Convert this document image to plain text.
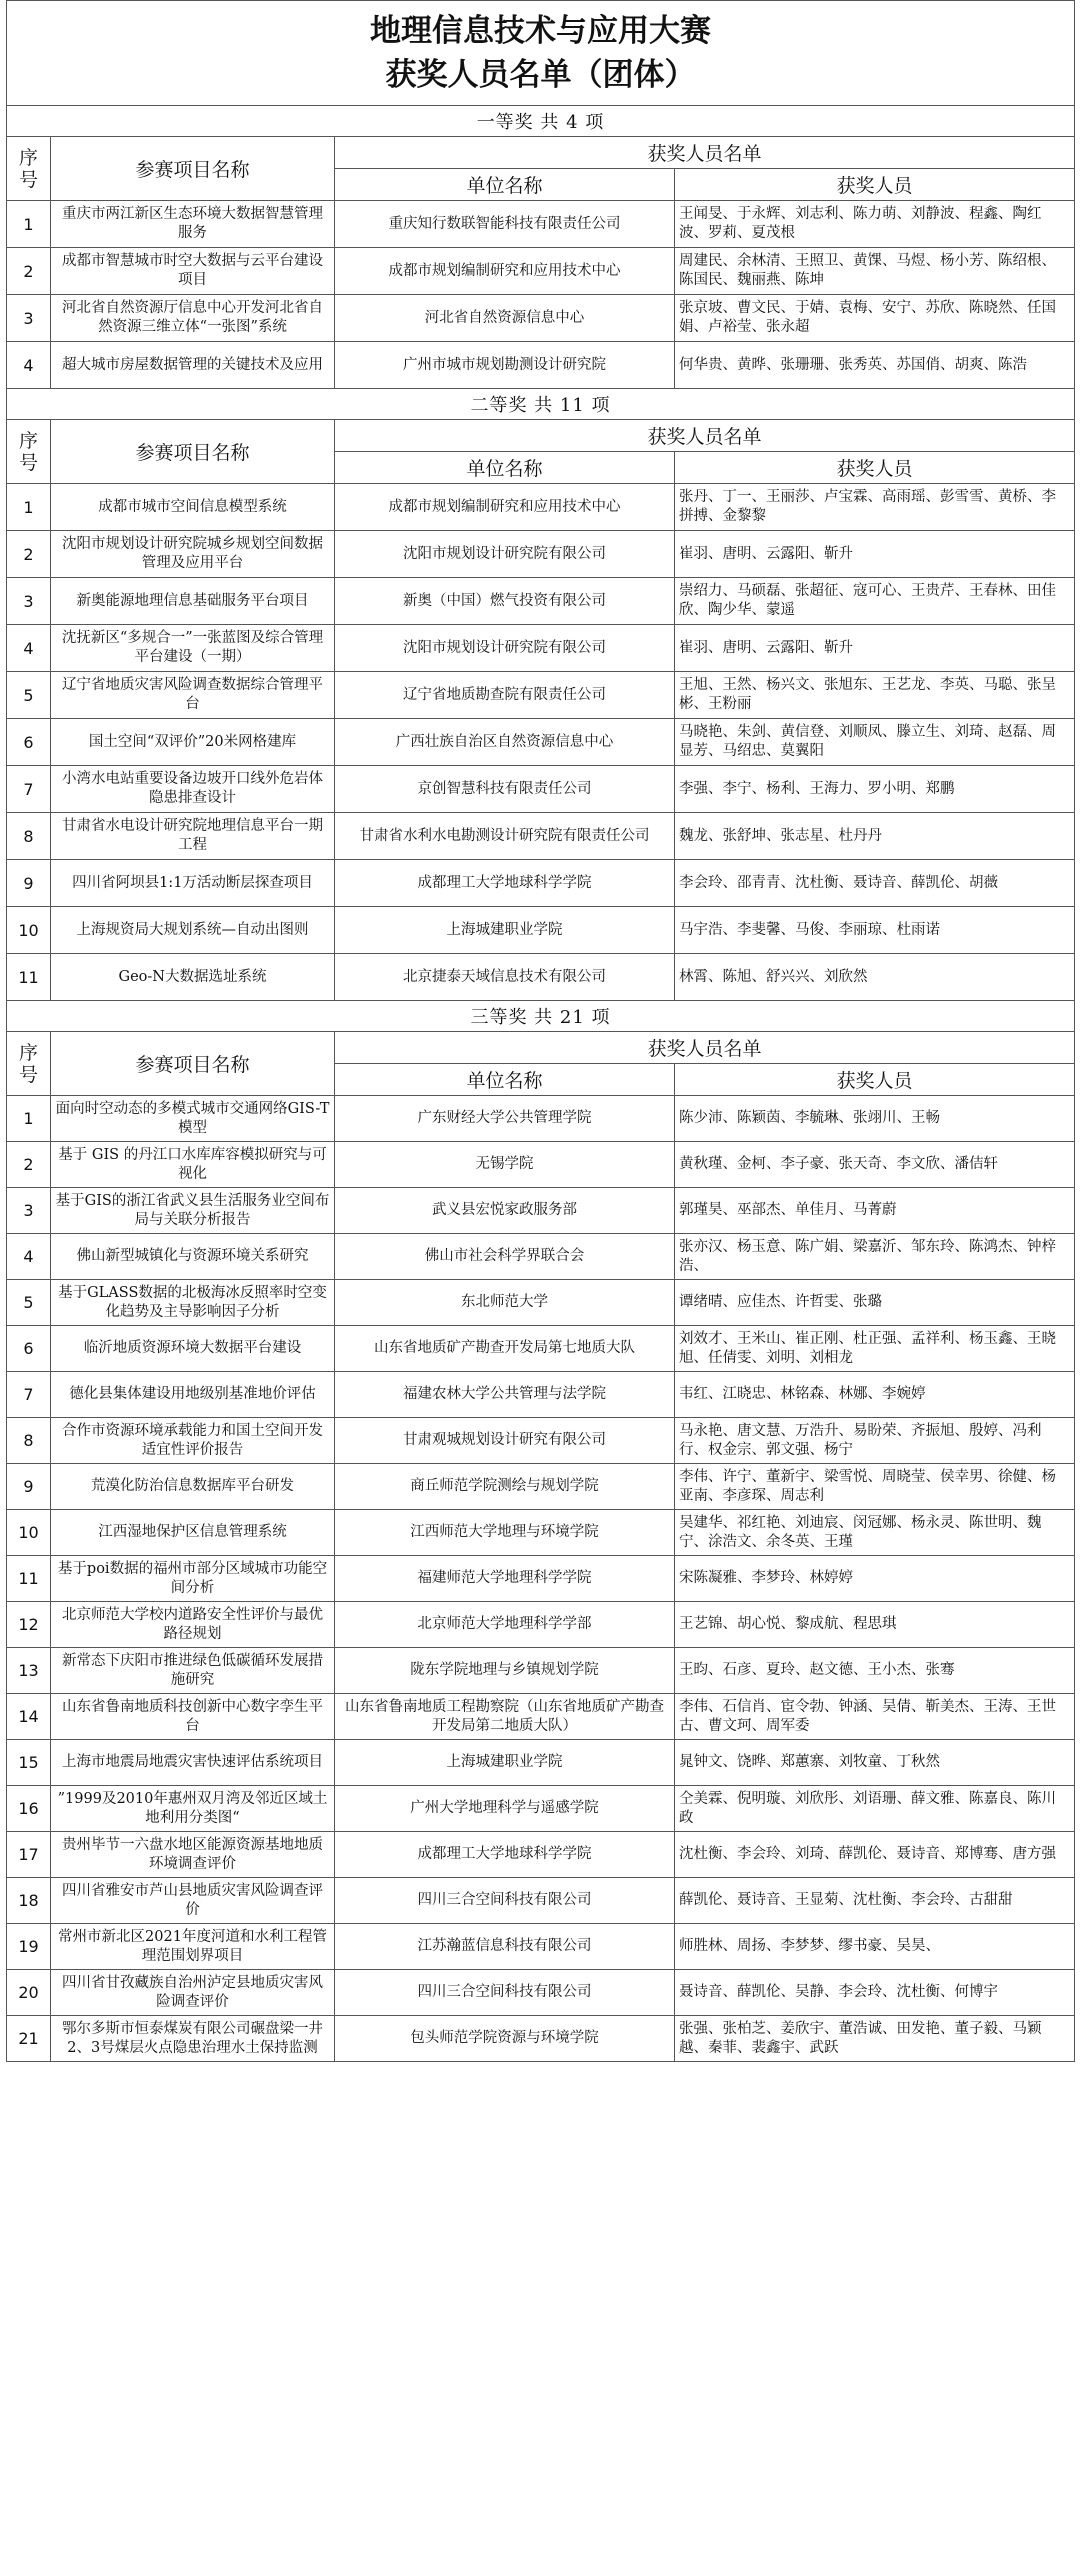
地理信息技术与应用大赛
获奖人员名单（团体）			

一等奖 共 4 项			
序号	参赛项目名称	获奖人员名单	
		单位名称	获奖人员
1	重庆市两江新区生态环境大数据智慧管理服务	重庆知行数联智能科技有限责任公司	王闻旻、于永辉、刘志利、陈力萌、刘静波、程鑫、陶红波、罗莉、夏茂根
2	成都市智慧城市时空大数据与云平台建设项目	成都市规划编制研究和应用技术中心	周建民、余林清、王照卫、黄馃、马煜、杨小芳、陈绍根、陈国民、魏丽燕、陈坤
3	河北省自然资源厅信息中心开发河北省自然资源三维立体“一张图”系统	河北省自然资源信息中心	张京坡、曹文民、于婧、袁梅、安宁、苏欣、陈晓然、任国娟、卢裕莹、张永超
4	超大城市房屋数据管理的关键技术及应用	广州市城市规划勘测设计研究院	何华贵、黄晔、张珊珊、张秀英、苏国俏、胡爽、陈浩
二等奖 共 11 项			
序号	参赛项目名称	获奖人员名单	
		单位名称	获奖人员
1	成都市城市空间信息模型系统	成都市规划编制研究和应用技术中心	张丹、丁一、王丽莎、卢宝霖、高雨瑶、彭雪雪、黄桥、李拼搏、金黎黎
2	沈阳市规划设计研究院城乡规划空间数据管理及应用平台	沈阳市规划设计研究院有限公司	崔羽、唐明、云露阳、靳升
3	新奥能源地理信息基础服务平台项目	新奥（中国）燃气投资有限公司	崇绍力、马硕磊、张超征、寇可心、王贵芹、王春林、田佳欣、陶少华、蒙遥
4	沈抚新区“多规合一”一张蓝图及综合管理平台建设（一期）	沈阳市规划设计研究院有限公司	崔羽、唐明、云露阳、靳升
5	辽宁省地质灾害风险调查数据综合管理平台	辽宁省地质勘查院有限责任公司	王旭、王然、杨兴文、张旭东、王艺龙、李英、马聪、张呈彬、王粉丽
6	国土空间“双评价”20米网格建库	广西壮族自治区自然资源信息中心	马晓艳、朱剑、黄信登、刘顺凤、滕立生、刘琦、赵磊、周显芳、马绍忠、莫翼阳
7	小湾水电站重要设备边坡开口线外危岩体隐患排查设计	京创智慧科技有限责任公司	李强、李宁、杨利、王海力、罗小明、郑鹏
8	甘肃省水电设计研究院地理信息平台一期工程	甘肃省水利水电勘测设计研究院有限责任公司	魏龙、张舒坤、张志星、杜丹丹
9	四川省阿坝县1:1万活动断层探查项目	成都理工大学地球科学学院	李会玲、邵青青、沈杜衡、聂诗音、薛凯伦、胡薇
10	上海规资局大规划系统—自动出图则	上海城建职业学院	马宇浩、李斐馨、马俊、李丽琼、杜雨诺
11	Geo-N大数据选址系统	北京捷泰天域信息技术有限公司	林霄、陈旭、舒兴兴、刘欣然
三等奖 共 21 项			
序号	参赛项目名称	获奖人员名单	
		单位名称	获奖人员
1	面向时空动态的多模式城市交通网络GIS-T模型	广东财经大学公共管理学院	陈少沛、陈颖茵、李毓琳、张翊川、王畅
2	基于 GIS 的丹江口水库库容模拟研究与可视化	无锡学院	黄秋瑾、金柯、李子豪、张天奇、李文欣、潘佶轩
3	基于GIS的浙江省武义县生活服务业空间布局与关联分析报告	武义县宏悦家政服务部	郭瑾昊、巫部杰、单佳月、马菁蔚
4	佛山新型城镇化与资源环境关系研究	佛山市社会科学界联合会	张亦汉、杨玉意、陈广娟、梁嘉沂、邹东玲、陈鸿杰、钟梓浩、
5	基于GLASS数据的北极海冰反照率时空变化趋势及主导影响因子分析	东北师范大学	谭绪晴、应佳杰、许哲雯、张璐
6	临沂地质资源环境大数据平台建设	山东省地质矿产勘查开发局第七地质大队	刘效才、王米山、崔正刚、杜正强、孟祥利、杨玉鑫、王晓旭、任倩雯、刘明、刘相龙
7	德化县集体建设用地级别基准地价评估	福建农林大学公共管理与法学院	韦红、江晓忠、林铭森、林娜、李婉婷
8	合作市资源环境承载能力和国土空间开发适宜性评价报告	甘肃观城规划设计研究有限公司	马永艳、唐文慧、万浩升、易盼荣、齐振旭、殷婷、冯利行、权金宗、郭文强、杨宁
9	荒漠化防治信息数据库平台研发	商丘师范学院测绘与规划学院	李伟、许宁、董新宇、梁雪悦、周晓莹、侯幸男、徐健、杨亚南、李彦琛、周志利
10	江西湿地保护区信息管理系统	江西师范大学地理与环境学院	吴建华、祁红艳、刘迪宸、闵冠娜、杨永灵、陈世明、魏宁、涂浩文、余冬英、王瑾
11	基于poi数据的福州市部分区域城市功能空间分析	福建师范大学地理科学学院	宋陈凝雅、李梦玲、林婷婷
12	北京师范大学校内道路安全性评价与最优路径规划	北京师范大学地理科学学部	王艺锦、胡心悦、黎成航、程思琪
13	新常态下庆阳市推进绿色低碳循环发展措施研究	陇东学院地理与乡镇规划学院	王昀、石彦、夏玲、赵文德、王小杰、张骞
14	山东省鲁南地质科技创新中心数字孪生平台	山东省鲁南地质工程勘察院（山东省地质矿产勘查开发局第二地质大队）	李伟、石信肖、宦令勃、钟涵、吴倩、靳美杰、王涛、王世古、曹文珂、周军委
15	上海市地震局地震灾害快速评估系统项目	上海城建职业学院	晁钟文、饶晔、郑蕙寨、刘牧童、丁秋然
16	”1999及2010年惠州双月湾及邻近区域土地利用分类图“	广州大学地理科学与遥感学院	仝美霖、倪明璇、刘欣彤、刘语珊、薛文雅、陈嘉良、陈川政
17	贵州毕节一六盘水地区能源资源基地地质环境调查评价	成都理工大学地球科学学院	沈杜衡、李会玲、刘琦、薛凯伦、聂诗音、郑博骞、唐方强
18	四川省雅安市芦山县地质灾害风险调查评价	四川三合空间科技有限公司	薛凯伦、聂诗音、王显菊、沈杜衡、李会玲、古甜甜
19	常州市新北区2021年度河道和水利工程管理范围划界项目	江苏瀚蓝信息科技有限公司	师胜林、周扬、李梦梦、缪书豪、吴昊、
20	四川省甘孜藏族自治州泸定县地质灾害风险调查评价	四川三合空间科技有限公司	聂诗音、薛凯伦、吴静、李会玲、沈杜衡、何博宇
21	鄂尔多斯市恒泰煤炭有限公司碾盘梁一井2、3号煤层火点隐患治理水土保持监测	包头师范学院资源与环境学院	张强、张柏芝、姜欣宇、董浩诚、田发艳、董子毅、马颖越、秦菲、裴鑫宇、武跃
